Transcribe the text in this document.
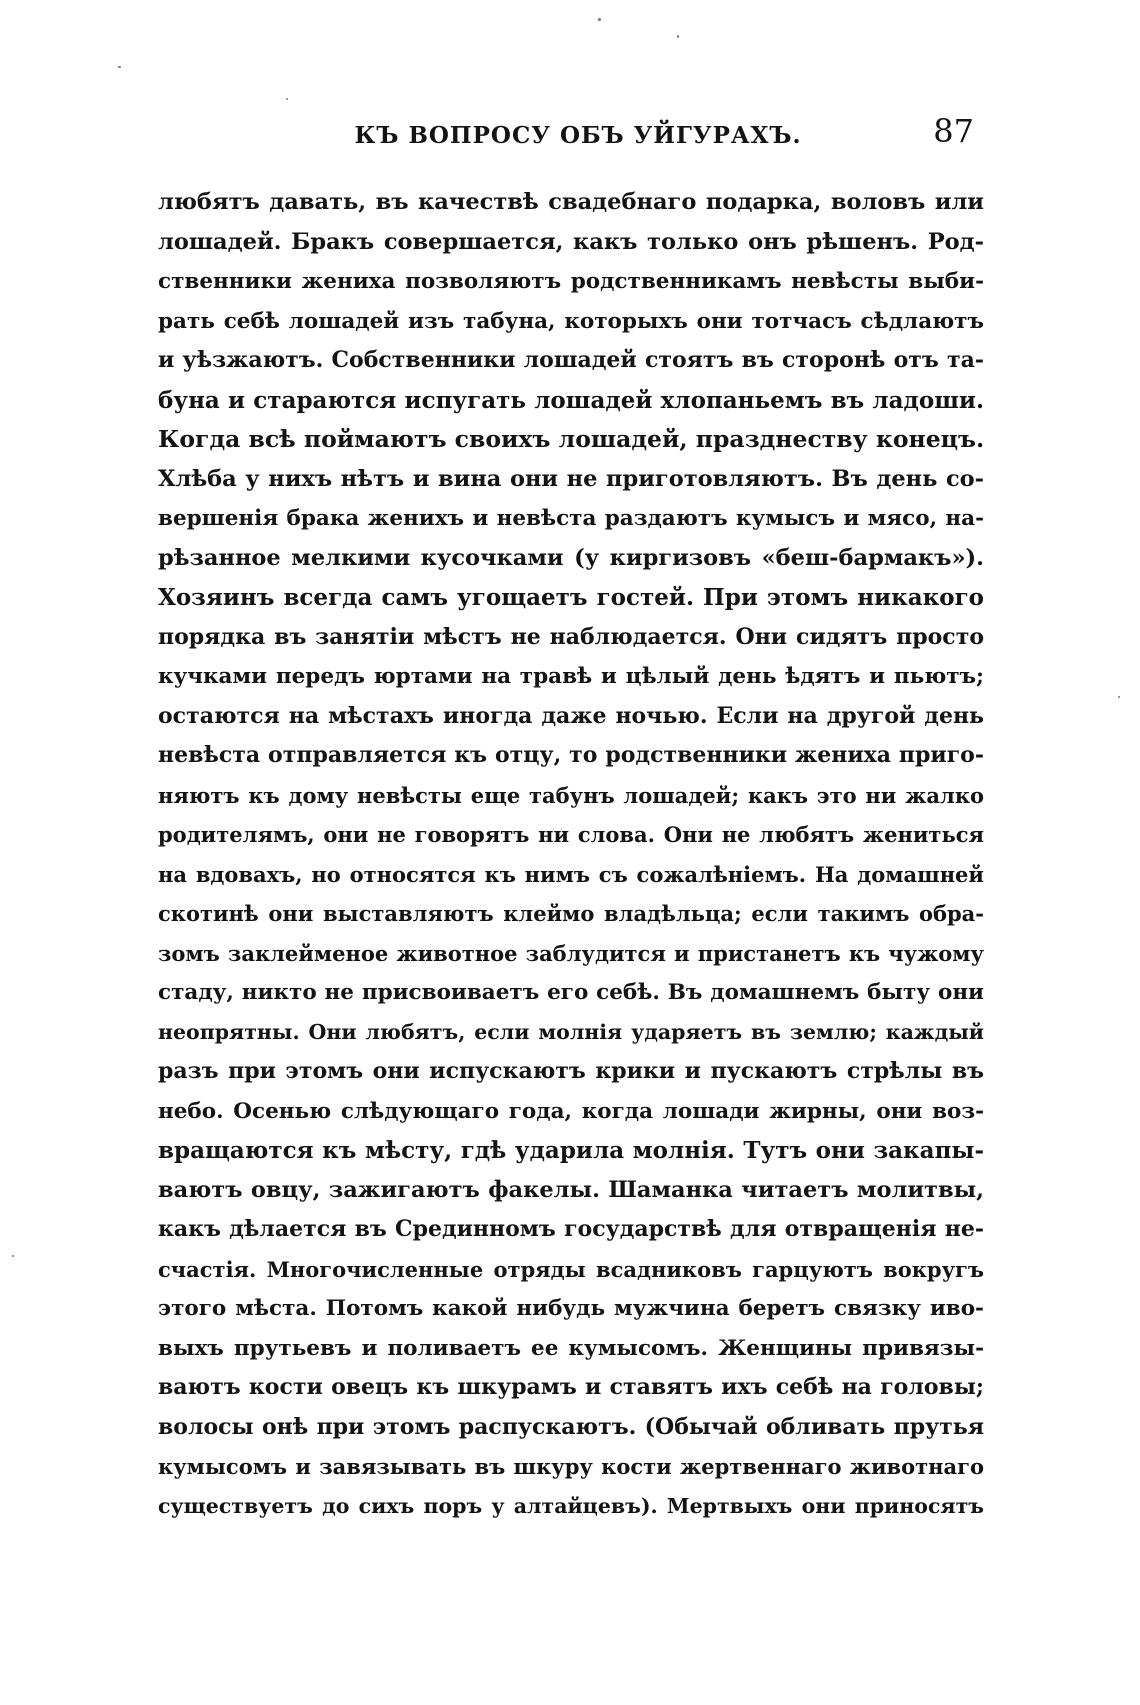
КЪ ВОПРОСУ ОБЪ УЙГУРАХЪ.	87
любятъ давать, въ качествѣ свадебнаго подарка, воловъ или
лошадей. Бракъ совершается, какъ только онъ рѣшенъ. Род-
ственники жениха позволяютъ родственникамъ невѣсты выби-
рать себѣ лошадей изъ табуна, которыхъ они тотчасъ сѣдлаютъ
и уѣзжаютъ. Собственники лошадей стоятъ въ сторонѣ отъ та-
буна и стараются испугать лошадей хлопаньемъ въ ладоши.
Когда всѣ поймаютъ своихъ лошадей, празднеству конецъ.
Хлѣба у нихъ нѣтъ и вина они не приготовляютъ. Въ день со-
вершенія брака женихъ и невѣста раздаютъ кумысъ и мясо, на-
рѣзанное мелкими кусочками (у киргизовъ «беш-бармакъ»).
Хозяинъ всегда самъ угощаетъ гостей. При этомъ никакого
порядка въ занятіи мѣстъ не наблюдается. Они сидятъ просто
кучками передъ юртами на травѣ и цѣлый день ѣдятъ и пьютъ;
остаются на мѣстахъ иногда даже ночью. Если на другой день
невѣста отправляется къ отцу, то родственники жениха приго-
няютъ къ дому невѣсты еще табунъ лошадей; какъ это ни жалко
родителямъ, они не говорятъ ни слова. Они не любятъ жениться
на вдовахъ, но относятся къ нимъ съ сожалѣніемъ. На домашней
скотинѣ они выставляютъ клеймо владѣльца; если такимъ обра-
зомъ заклейменое животное заблудится и пристанетъ къ чужому
стаду, никто не присвоиваетъ его себѣ. Въ домашнемъ быту они
неопрятны. Они любятъ, если молнія ударяетъ въ землю; каждый
разъ при этомъ они испускаютъ крики и пускаютъ стрѣлы въ
небо. Осенью слѣдующаго года, когда лошади жирны, они воз-
вращаются къ мѣсту, гдѣ ударила молнія. Тутъ они закапы-
ваютъ овцу, зажигаютъ факелы. Шаманка читаетъ молитвы,
какъ дѣлается въ Срединномъ государствѣ для отвращенія не-
счастія. Многочисленные отряды всадниковъ гарцуютъ вокругъ
этого мѣста. Потомъ какой нибудь мужчина беретъ связку иво-
выхъ прутьевъ и поливаетъ ее кумысомъ. Женщины привязы-
ваютъ кости овецъ къ шкурамъ и ставятъ ихъ себѣ на головы;
волосы онѣ при этомъ распускаютъ. (Обычай обливать прутья
кумысомъ и завязывать въ шкуру кости жертвеннаго животнаго
существуетъ до сихъ поръ у алтайцевъ). Мертвыхъ они приносятъ
